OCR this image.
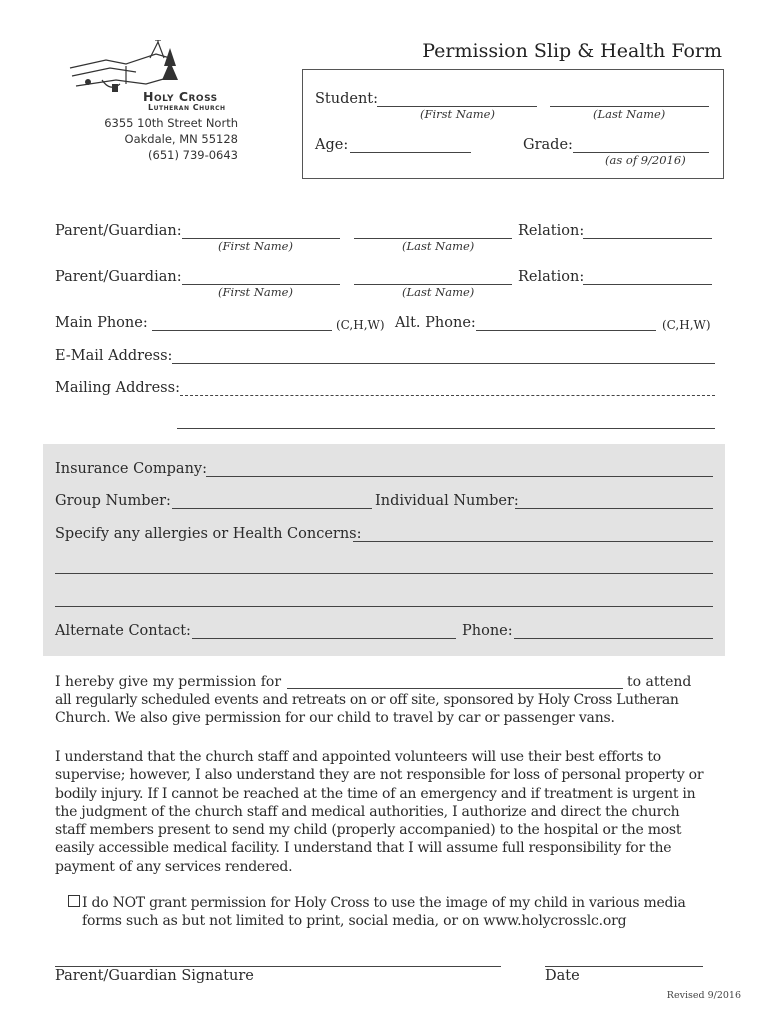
Holy Cross
Lutheran Church
6355 10th Street North
Oakdale, MN 55128
(651) 739-0643
Permission Slip & Health Form
Student:
(First Name)	(Last Name)
Age:	Grade:
(as of 9/2016)
Parent/Guardian:
(First Name)	(Last Name)
Relation:
Parent/Guardian:
(First Name)	(Last Name)
Relation:
Main Phone:	(C,H,W) Alt. Phone:	(C,H,W)
E-Mail Address:
Mailing Address:
Insurance Company:
Group Number:	Individual Number:
Specify any allergies or Health Concerns:
Alternate Contact:	Phone:
I hereby give my permission for	to attend
all regularly scheduled events and retreats on or off site, sponsored by Holy Cross Lutheran
Church. We also give permission for our child to travel by car or passenger vans.
I understand that the church staff and appointed volunteers will use their best efforts to supervise; however, I also understand they are not responsible for loss of personal property or bodily injury. If I cannot be reached at the time of an emergency and if treatment is urgent in the judgment of the church staff and medical authorities, I authorize and direct the church staff members present to send my child (properly accompanied) to the hospital or the most easily accessible medical facility. I understand that I will assume full responsibility for the payment of any services rendered.
I do NOT grant permission for Holy Cross to use the image of my child in various media
forms such as but not limited to print, social media, or on www.holycrosslc.org
Parent/Guardian Signature	Date
Revised 9/2016
